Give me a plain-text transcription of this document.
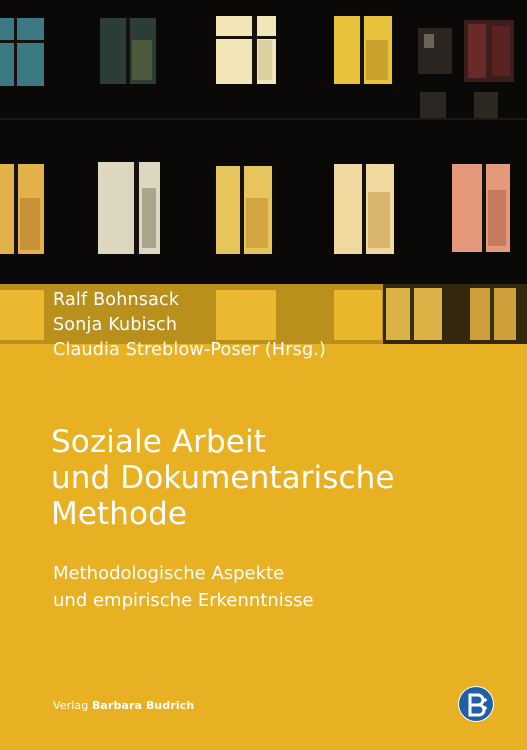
Ralf Bohnsack
Sonja Kubisch
Claudia Streblow-Poser (Hrsg.)
Soziale Arbeit
und Dokumentarische
Methode
Methodologische Aspekte
und empirische Erkenntnisse
Verlag Barbara Budrich
